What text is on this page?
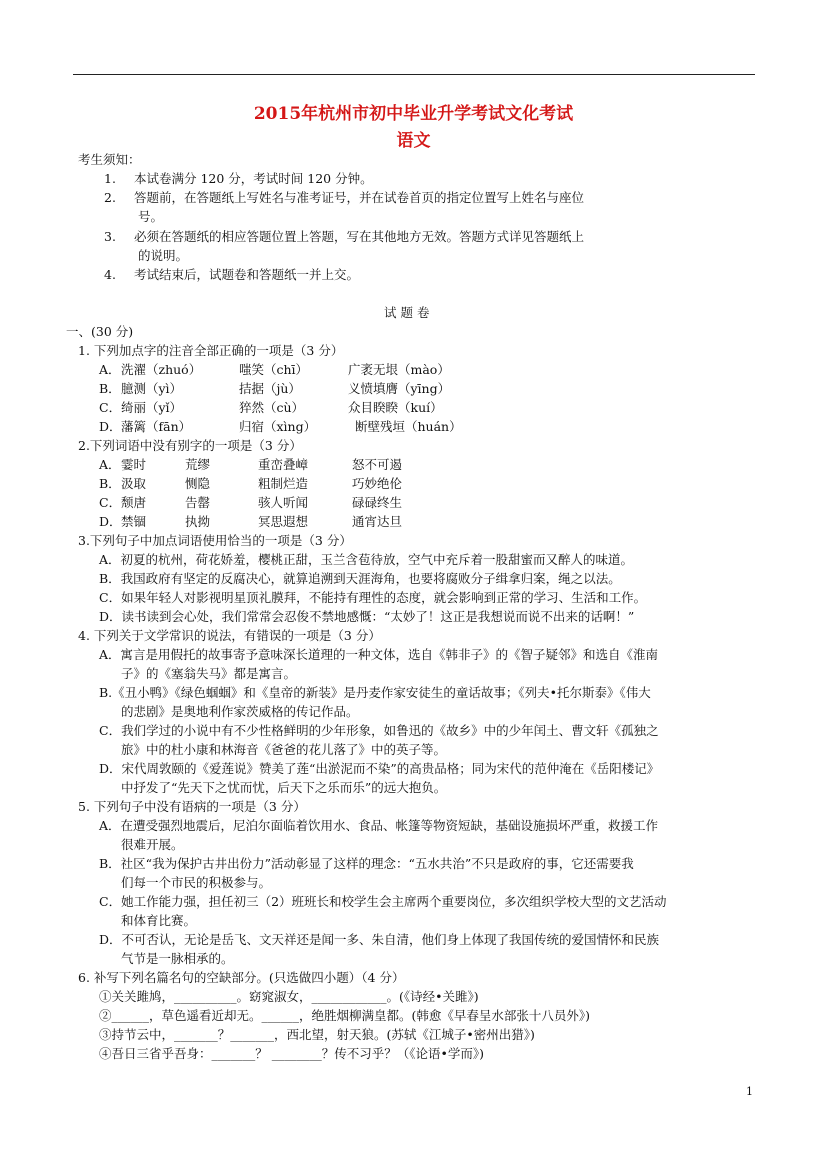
2015年杭州市初中毕业升学考试文化考试
语文
考生须知：
1. 本试卷满分 120 分，考试时间 120 分钟。
2. 答题前，在答题纸上写姓名与准考证号，并在试卷首页的指定位置写上姓名与座位
号。
3. 必须在答题纸的相应答题位置上答题，写在其他地方无效。答题方式详见答题纸上
的说明。
4. 考试结束后，试题卷和答题纸一并上交。
试 题 卷
一、(30 分)
1. 下列加点字的注音全部正确的一项是（3 分）
A． 洗濯（zhuó）	嗤笑（chī）	广袤无垠（mào）
B． 臆测（yì）	拮据（jù）	义愤填膺（yīng）
C． 绮丽（yǐ）	猝然（cù）	众目睽睽（kuí）
D． 藩篱（fān）	归宿（xìng）	断壁残垣（huán）
2.下列词语中没有别字的一项是（3 分）
A． 霎时	荒缪	重峦叠嶂	怒不可遏
B． 汲取	恻隐	粗制烂造	巧妙绝伦
C． 颓唐	告罄	骇人听闻	碌碌终生
D． 禁锢	执拗	冥思遐想	通宵达旦
3.下列句子中加点词语使用恰当的一项是（3 分）
A．初夏的杭州，荷花娇羞，樱桃正甜，玉兰含苞待放，空气中充斥着一股甜蜜而又醉人的味道。
B．我国政府有坚定的反腐决心，就算追溯到天涯海角，也要将腐败分子缉拿归案，绳之以法。
C．如果年轻人对影视明星顶礼膜拜，不能持有理性的态度，就会影响到正常的学习、生活和工作。
D．读书读到会心处，我们常常会忍俊不禁地感慨：“太妙了！这正是我想说而说不出来的话啊！”
4. 下列关于文学常识的说法，有错误的一项是（3 分）
A．寓言是用假托的故事寄予意味深长道理的一种文体，选自《韩非子》的《智子疑邻》和选自《淮南
子》的《塞翁失马》都是寓言。
B.《丑小鸭》《绿色蝈蝈》和《皇帝的新装》是丹麦作家安徒生的童话故事；《列夫•托尔斯泰》《伟大
的悲剧》是奥地利作家茨威格的传记作品。
C．我们学过的小说中有不少性格鲜明的少年形象，如鲁迅的《故乡》中的少年闰土、曹文轩《孤独之
旅》中的杜小康和林海音《爸爸的花儿落了》中的英子等。
D．宋代周敦颐的《爱莲说》赞美了莲“出淤泥而不染”的高贵品格；同为宋代的范仲淹在《岳阳楼记》
中抒发了“先天下之忧而忧，后天下之乐而乐”的远大抱负。
5. 下列句子中没有语病的一项是（3 分）
A．在遭受强烈地震后，尼泊尔面临着饮用水、食品、帐篷等物资短缺，基础设施损坏严重，救援工作
很难开展。
B．社区“我为保护古井出份力”活动彰显了这样的理念：“五水共治”不只是政府的事，它还需要我
们每一个市民的积极参与。
C．她工作能力强，担任初三（2）班班长和校学生会主席两个重要岗位，多次组织学校大型的文艺活动
和体育比赛。
D．不可否认，无论是岳飞、文天祥还是闻一多、朱自清，他们身上体现了我国传统的爱国情怀和民族
气节是一脉相承的。
6. 补写下列名篇名句的空缺部分。(只选做四小题）（4 分）
①关关雎鸠，__________。窈窕淑女，____________。(《诗经•关雎》)
②______，草色遥看近却无。______，绝胜烟柳满皇都。(韩愈《早春呈水部张十八员外》)
③持节云中，_______？_______，西北望，射天狼。(苏轼《江城子•密州出猎》)
④吾日三省乎吾身：_______？ ________？传不习乎？（《论语•学而》)
1
